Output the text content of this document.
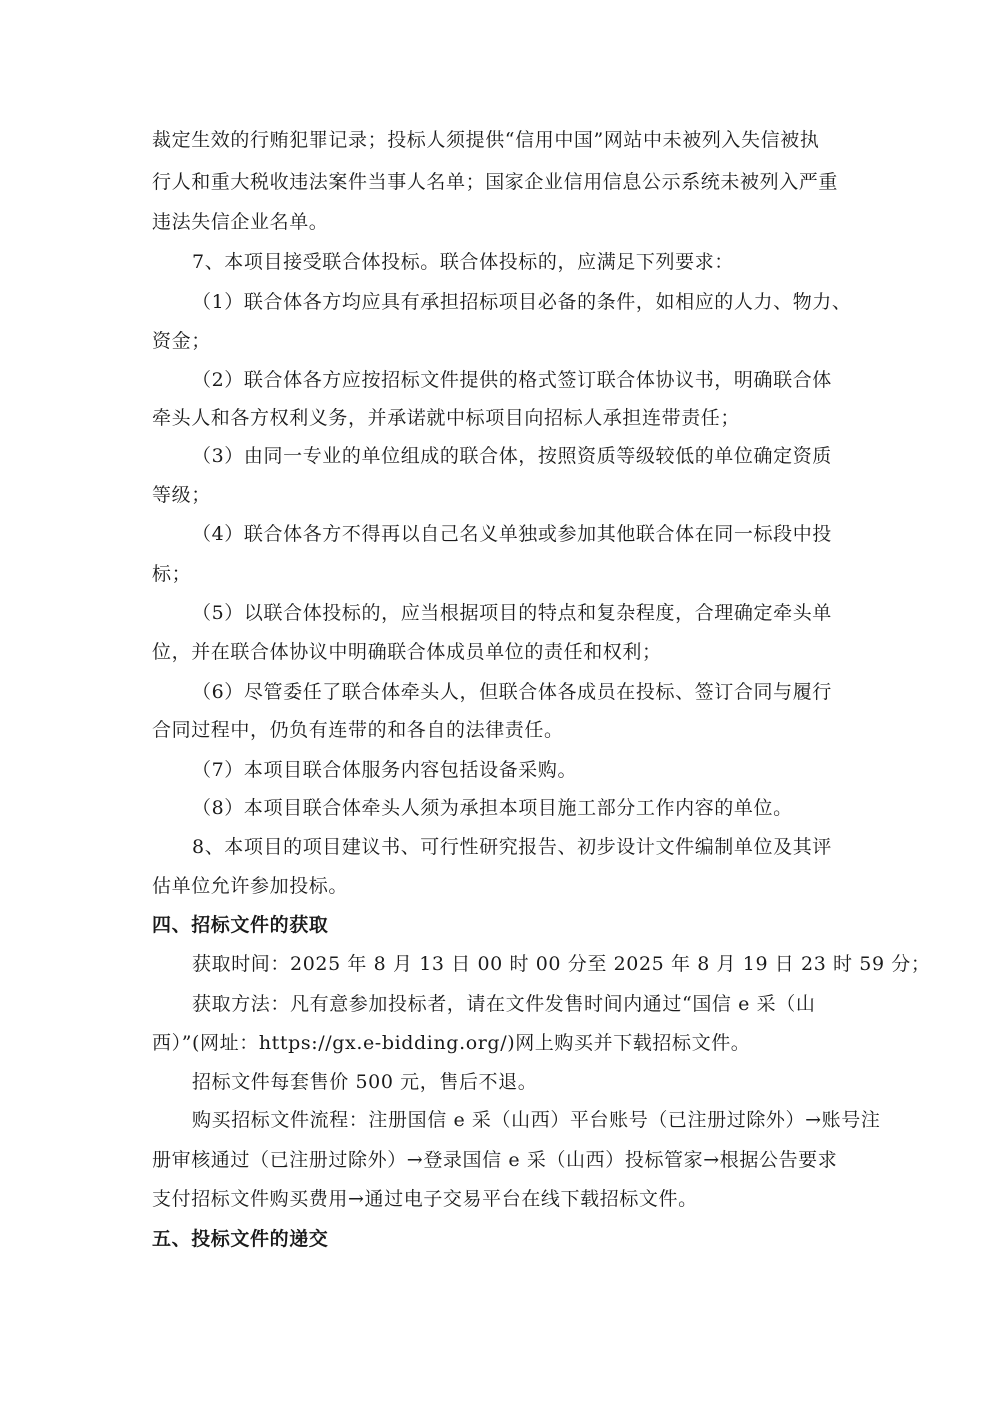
裁定生效的行贿犯罪记录；投标人须提供“信用中国”网站中未被列入失信被执
行人和重大税收违法案件当事人名单；国家企业信用信息公示系统未被列入严重
违法失信企业名单。
7、本项目接受联合体投标。联合体投标的，应满足下列要求：
（1）联合体各方均应具有承担招标项目必备的条件，如相应的人力、物力、
资金；
（2）联合体各方应按招标文件提供的格式签订联合体协议书，明确联合体
牵头人和各方权利义务，并承诺就中标项目向招标人承担连带责任；
（3）由同一专业的单位组成的联合体，按照资质等级较低的单位确定资质
等级；
（4）联合体各方不得再以自己名义单独或参加其他联合体在同一标段中投
标；
（5）以联合体投标的，应当根据项目的特点和复杂程度，合理确定牵头单
位，并在联合体协议中明确联合体成员单位的责任和权利；
（6）尽管委任了联合体牵头人，但联合体各成员在投标、签订合同与履行
合同过程中，仍负有连带的和各自的法律责任。
（7）本项目联合体服务内容包括设备采购。
（8）本项目联合体牵头人须为承担本项目施工部分工作内容的单位。
8、本项目的项目建议书、可行性研究报告、初步设计文件编制单位及其评
估单位允许参加投标。
四、招标文件的获取
获取时间：2025 年 8 月 13 日 00 时 00 分至 2025 年 8 月 19 日 23 时 59 分；
获取方法：凡有意参加投标者，请在文件发售时间内通过“国信 e 采（山
西）”(网址：https://gx.e-bidding.org/)网上购买并下载招标文件。
招标文件每套售价 500 元，售后不退。
购买招标文件流程：注册国信 e 采（山西）平台账号（已注册过除外）→账号注
册审核通过（已注册过除外）→登录国信 e 采（山西）投标管家→根据公告要求
支付招标文件购买费用→通过电子交易平台在线下载招标文件。
五、投标文件的递交
